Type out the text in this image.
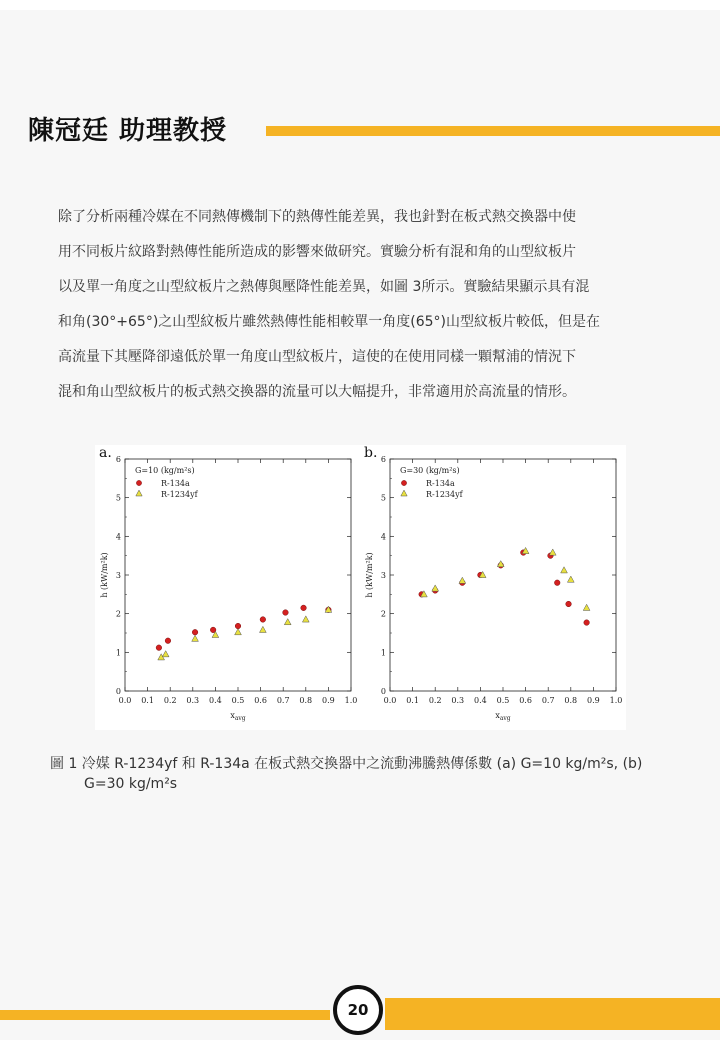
陳冠廷 助理教授

除了分析兩種冷媒在不同熱傳機制下的熱傳性能差異，我也針對在板式熱交換器中使

用不同板片紋路對熱傳性能所造成的影響來做研究。實驗分析有混和角的山型紋板片

以及單一角度之山型紋板片之熱傳與壓降性能差異，如圖 3所示。實驗結果顯示具有混

和角(30°+65°)之山型紋板片雖然熱傳性能相較單一角度(65°)山型紋板片較低，但是在

高流量下其壓降卻遠低於單一角度山型紋板片，這使的在使用同樣一顆幫浦的情況下

混和角山型紋板片的板式熱交換器的流量可以大幅提升，非常適用於高流量的情形。

0.0 0.1 0.2 0.3 0.4 0.5 0.6 0.7 0.8 0.9 1.0
0
1
2
3
4
5
6
a.
$x_{avg}$
h (kW/m²k)
G=10 (kg/m²s)
R-134a
R-1234yf
0.0 0.1 0.2 0.3 0.4 0.5 0.6 0.7 0.8 0.9 1.0
0
1
2
3
4
5
6
b.
$x_{avg}$
h (kW/m²k)
G=30 (kg/m²s)
R-134a
R-1234yf
圖 1 冷媒 R-1234yf 和 R-134a 在板式熱交換器中之流動沸騰熱傳係數 (a) G=10 kg/m²s, (b)
G=30 kg/m²s
20
